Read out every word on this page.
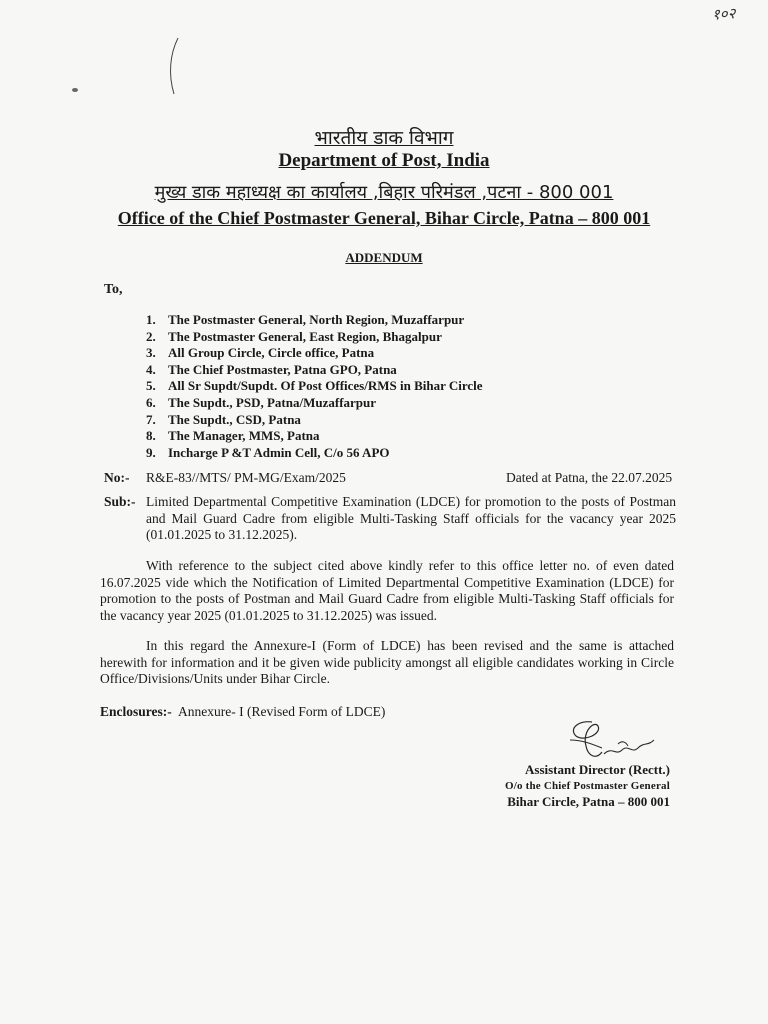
१०२
भारतीय डाक विभाग
Department of Post, India
मुख्य डाक महाध्यक्ष का कार्यालय ,बिहार परिमंडल ,पटना - 800 001
Office of the Chief Postmaster General, Bihar Circle, Patna – 800 001
ADDENDUM
To,
1. The Postmaster General, North Region, Muzaffarpur
2. The Postmaster General, East Region, Bhagalpur
3. All Group Circle, Circle office, Patna
4. The Chief Postmaster, Patna GPO, Patna
5. All Sr Supdt/Supdt. Of Post Offices/RMS in Bihar Circle
6. The Supdt., PSD, Patna/Muzaffarpur
7. The Supdt., CSD, Patna
8. The Manager, MMS, Patna
9. Incharge P &T Admin Cell, C/o 56 APO
No:- R&E-83//MTS/ PM-MG/Exam/2025	Dated at Patna, the 22.07.2025
Sub:- Limited Departmental Competitive Examination (LDCE) for promotion to the posts of Postman and Mail Guard Cadre from eligible Multi-Tasking Staff officials for the vacancy year 2025 (01.01.2025 to 31.12.2025).
With reference to the subject cited above kindly refer to this office letter no. of even dated 16.07.2025 vide which the Notification of Limited Departmental Competitive Examination (LDCE) for promotion to the posts of Postman and Mail Guard Cadre from eligible Multi-Tasking Staff officials for the vacancy year 2025 (01.01.2025 to 31.12.2025) was issued.
In this regard the Annexure-I (Form of LDCE) has been revised and the same is attached herewith for information and it be given wide publicity amongst all eligible candidates working in Circle Office/Divisions/Units under Bihar Circle.
Enclosures:- Annexure- I (Revised Form of LDCE)
Assistant Director (Rectt.)
O/o the Chief Postmaster General
Bihar Circle, Patna – 800 001
